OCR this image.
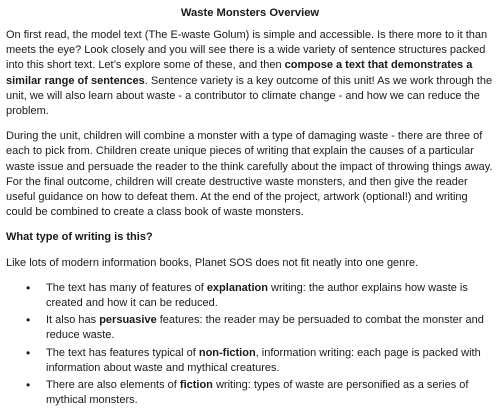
Waste Monsters Overview

On first read, the model text (The E-waste Golum) is simple and accessible. Is there more to it than meets the eye? Look closely and you will see there is a wide variety of sentence structures packed into this short text. Let’s explore some of these, and then compose a text that demonstrates a similar range of sentences. Sentence variety is a key outcome of this unit! As we work through the unit, we will also learn about waste - a contributor to climate change - and how we can reduce the problem.

During the unit, children will combine a monster with a type of damaging waste - there are three of each to pick from. Children create unique pieces of writing that explain the causes of a particular waste issue and persuade the reader to the think carefully about the impact of throwing things away. For the final outcome, children will create destructive waste monsters, and then give the reader useful guidance on how to defeat them. At the end of the project, artwork (optional!) and writing could be combined to create a class book of waste monsters.

What type of writing is this?

Like lots of modern information books, Planet SOS does not fit neatly into one genre.

• The text has many of features of explanation writing: the author explains how waste is created and how it can be reduced.
• It also has persuasive features: the reader may be persuaded to combat the monster and reduce waste.
• The text has features typical of non-fiction, information writing: each page is packed with information about waste and mythical creatures.
• There are also elements of fiction writing: types of waste are personified as a series of mythical monsters.
